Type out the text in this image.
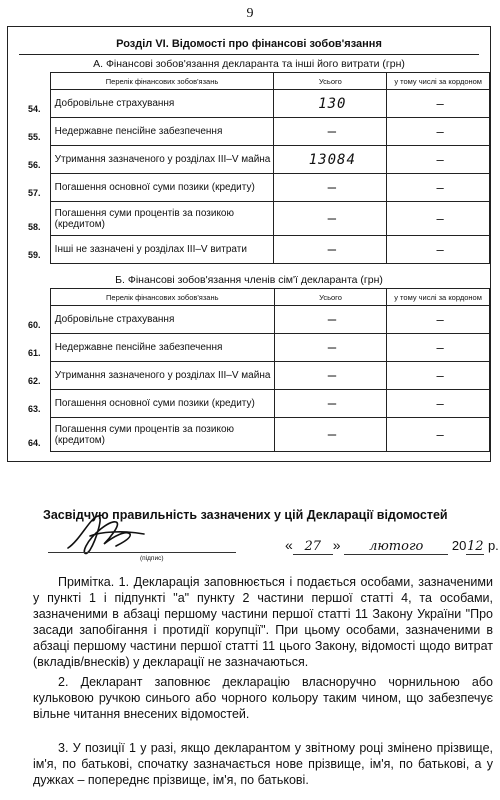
9
Розділ VI. Відомості про фінансові зобов'язання
А. Фінансові зобов'язання декларанта та інші його витрати (грн)
	Перелік фінансових зобов'язань	Усього	у тому числі за кордоном
54.	Добровільне страхування	130	—
55.	Недержавне пенсійне забезпечення	—	—
56.	Утримання зазначеного у розділах III–V майна	13084	—
57.	Погашення основної суми позики (кредиту)	—	—
58.	Погашення суми процентів за позикою (кредитом)	—	—
59.	Інші не зазначені у розділах III–V витрати	—	—
Б. Фінансові зобов'язання членів сім'ї декларанта (грн)
	Перелік фінансових зобов'язань	Усього	у тому числі за кордоном
60.	Добровільне страхування	—	—
61.	Недержавне пенсійне забезпечення	—	—
62.	Утримання зазначеного у розділах III–V майна	—	—
63.	Погашення основної суми позики (кредиту)	—	—
64.	Погашення суми процентів за позикою (кредитом)	—	—
Засвідчую правильність зазначених у цій Декларації відомостей
(підпис)
« 27 » лютого 2012 р.

Примітка. 1. Декларація заповнюється і подається особами, зазначеними у пункті 1 і підпункті "а" пункту 2 частини першої статті 4, та особами, зазначеними в абзаці першому частини першої статті 11 Закону України "Про засади запобігання і протидії корупції". При цьому особами, зазначеними в абзаці першому частини першої статті 11 цього Закону, відомості щодо витрат (вкладів/внесків) у декларації не зазначаються.

2. Декларант заповнює декларацію власноручно чорнильною або кульковою ручкою синього або чорного кольору таким чином, що забезпечує вільне читання внесених відомостей.

3. У позиції 1 у разі, якщо декларантом у звітному році змінено прізвище, ім'я, по батькові, спочатку зазначається нове прізвище, ім'я, по батькові, а у дужках – попереднє прізвище, ім'я, по батькові.
